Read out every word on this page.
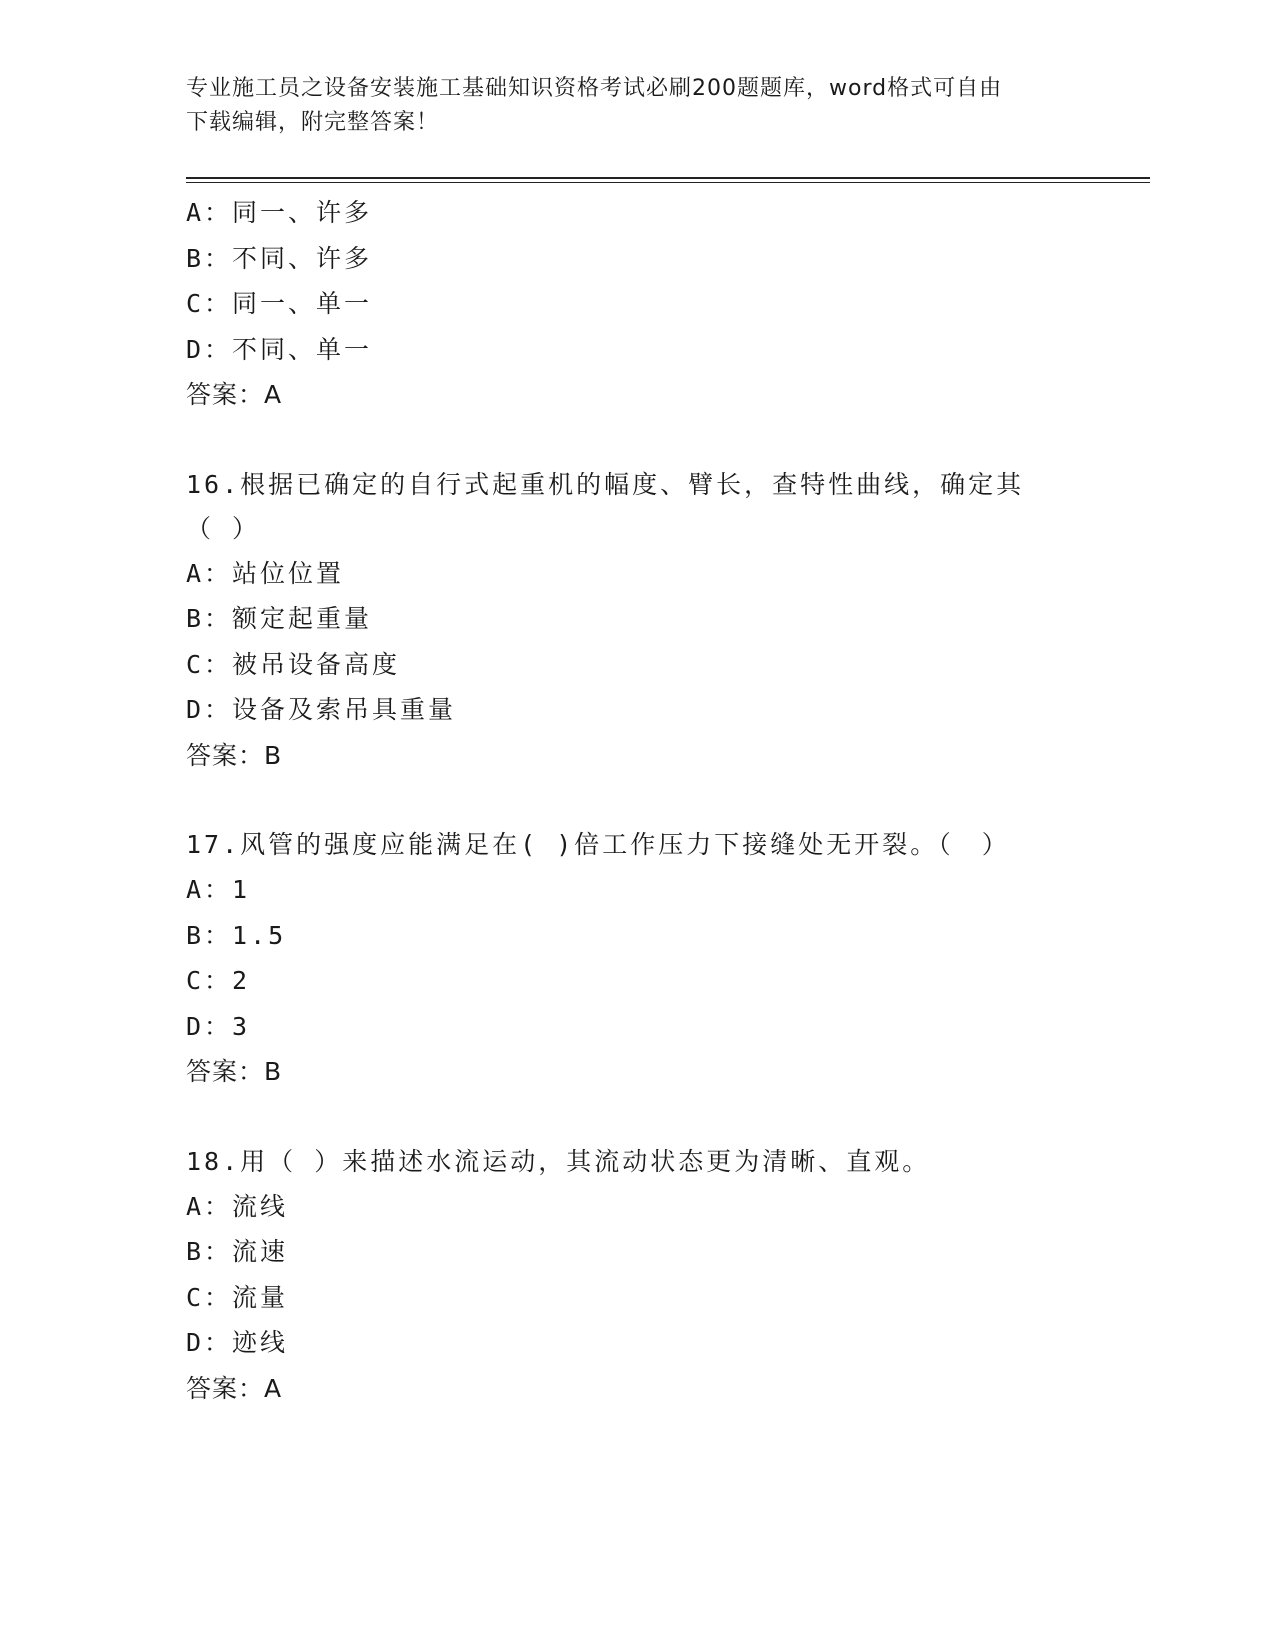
专业施工员之设备安装施工基础知识资格考试必刷200题题库，word格式可自由
下载编辑，附完整答案！
A：同一、许多
B：不同、许多
C：同一、单一
D：不同、单一
答案：A
16.根据已确定的自行式起重机的幅度、臂长，查特性曲线，确定其（ ）
A：站位位置
B：额定起重量
C：被吊设备高度
D：设备及索吊具重量
答案：B
17.风管的强度应能满足在( )倍工作压力下接缝处无开裂。（　）
A：1
B：1.5
C：2
D：3
答案：B
18.用（ ）来描述水流运动，其流动状态更为清晰、直观。
A：流线
B：流速
C：流量
D：迹线
答案：A
